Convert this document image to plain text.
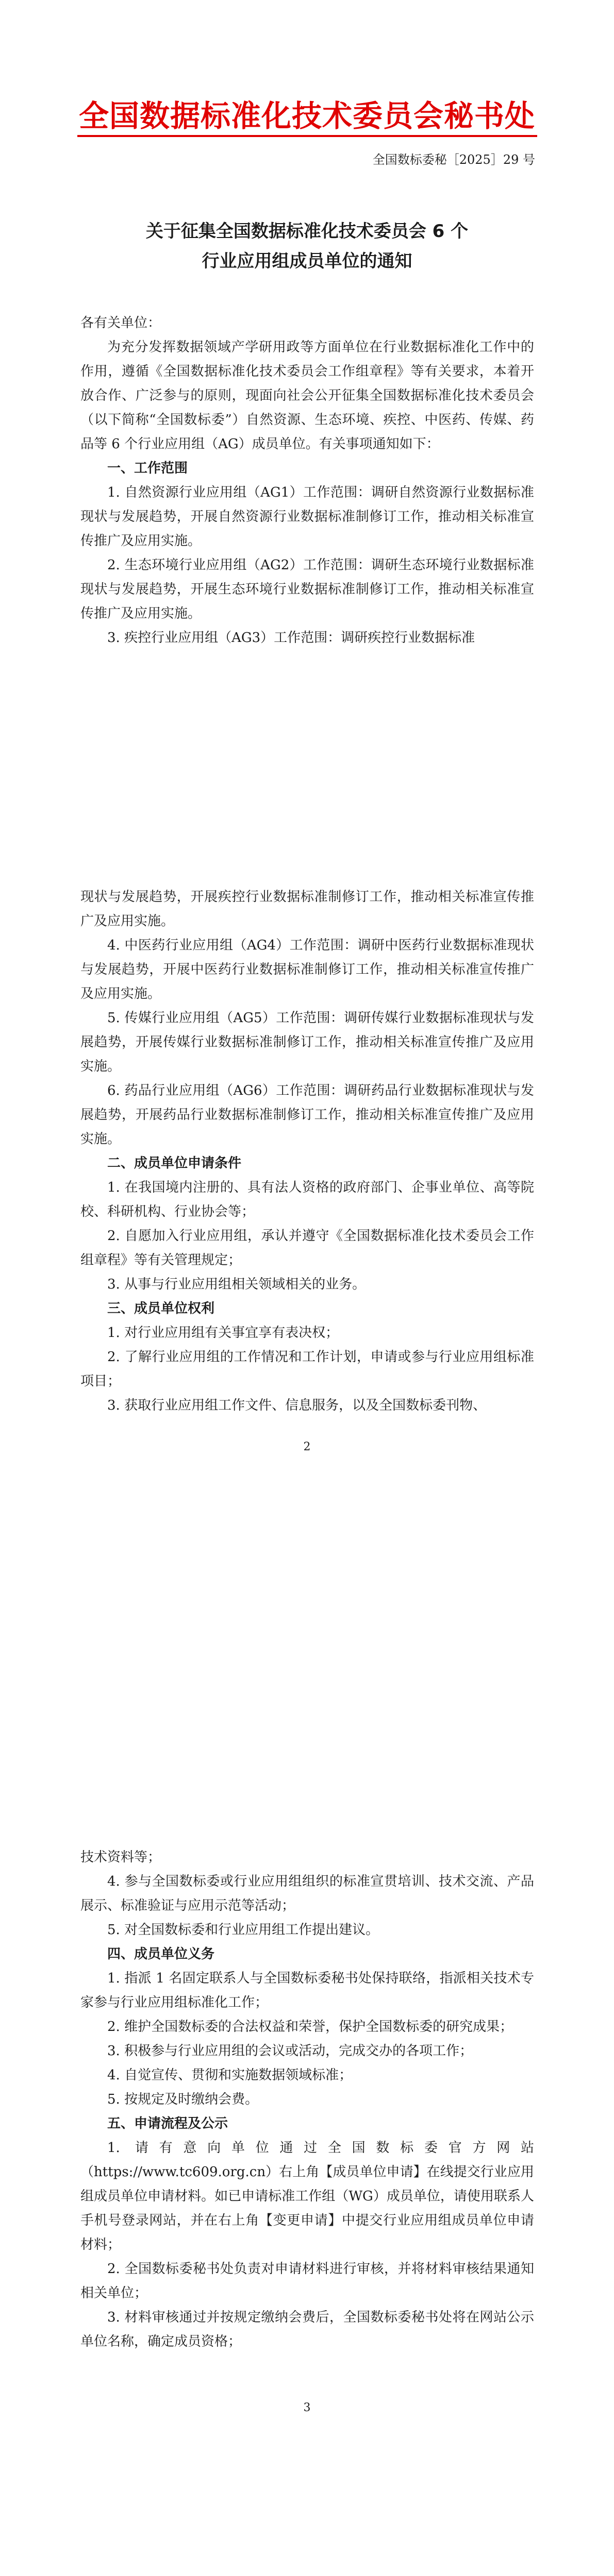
全国数据标准化技术委员会秘书处
全国数标委秘［2025］29 号
关于征集全国数据标准化技术委员会 6 个
行业应用组成员单位的通知

各有关单位：

为充分发挥数据领域产学研用政等方面单位在行业数据标准化工作中的作用，遵循《全国数据标准化技术委员会工作组章程》等有关要求，本着开放合作、广泛参与的原则，现面向社会公开征集全国数据标准化技术委员会（以下简称“全国数标委”）自然资源、生态环境、疾控、中医药、传媒、药品等 6 个行业应用组（AG）成员单位。有关事项通知如下：

一、工作范围

1. 自然资源行业应用组（AG1）工作范围：调研自然资源行业数据标准现状与发展趋势，开展自然资源行业数据标准制修订工作，推动相关标准宣传推广及应用实施。

2. 生态环境行业应用组（AG2）工作范围：调研生态环境行业数据标准现状与发展趋势，开展生态环境行业数据标准制修订工作，推动相关标准宣传推广及应用实施。

3. 疾控行业应用组（AG3）工作范围：调研疾控行业数据标准

现状与发展趋势，开展疾控行业数据标准制修订工作，推动相关标准宣传推广及应用实施。

4. 中医药行业应用组（AG4）工作范围：调研中医药行业数据标准现状与发展趋势，开展中医药行业数据标准制修订工作，推动相关标准宣传推广及应用实施。

5. 传媒行业应用组（AG5）工作范围：调研传媒行业数据标准现状与发展趋势，开展传媒行业数据标准制修订工作，推动相关标准宣传推广及应用实施。

6. 药品行业应用组（AG6）工作范围：调研药品行业数据标准现状与发展趋势，开展药品行业数据标准制修订工作，推动相关标准宣传推广及应用实施。

二、成员单位申请条件

1. 在我国境内注册的、具有法人资格的政府部门、企事业单位、高等院校、科研机构、行业协会等；

2. 自愿加入行业应用组，承认并遵守《全国数据标准化技术委员会工作组章程》等有关管理规定；

3. 从事与行业应用组相关领域相关的业务。

三、成员单位权利

1. 对行业应用组有关事宜享有表决权；

2. 了解行业应用组的工作情况和工作计划，申请或参与行业应用组标准项目；

3. 获取行业应用组工作文件、信息服务，以及全国数标委刊物、

2

技术资料等；

4. 参与全国数标委或行业应用组组织的标准宣贯培训、技术交流、产品展示、标准验证与应用示范等活动；

5. 对全国数标委和行业应用组工作提出建议。

四、成员单位义务

1. 指派 1 名固定联系人与全国数标委秘书处保持联络，指派相关技术专家参与行业应用组标准化工作；

2. 维护全国数标委的合法权益和荣誉，保护全国数标委的研究成果；

3. 积极参与行业应用组的会议或活动，完成交办的各项工作；

4. 自觉宣传、贯彻和实施数据领域标准；

5. 按规定及时缴纳会费。

五、申请流程及公示

1. 请有意向单位通过全国数标委官方网站（https://www.tc609.org.cn）右上角【成员单位申请】在线提交行业应用组成员单位申请材料。如已申请标准工作组（WG）成员单位，请使用联系人手机号登录网站，并在右上角【变更申请】中提交行业应用组成员单位申请材料；

2. 全国数标委秘书处负责对申请材料进行审核，并将材料审核结果通知相关单位；

3. 材料审核通过并按规定缴纳会费后，全国数标委秘书处将在网站公示单位名称，确定成员资格；

3
